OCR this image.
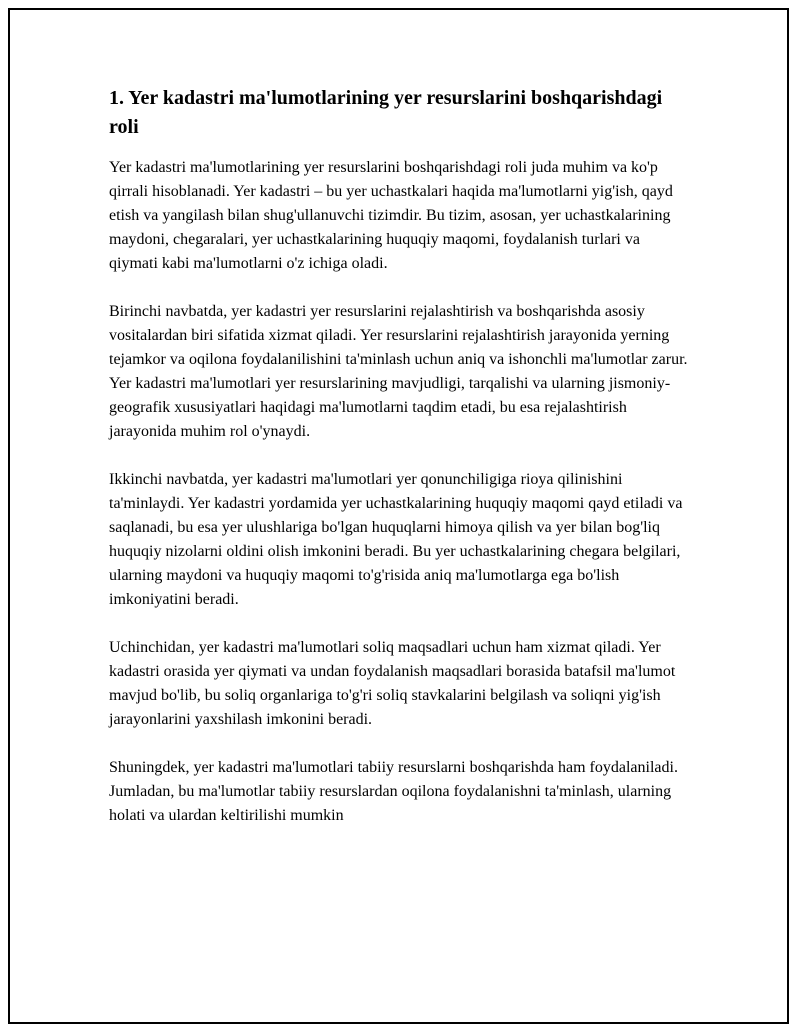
1. Yer kadastri ma'lumotlarining yer resurslarini boshqarishdagi roli

Yer kadastri ma'lumotlarining yer resurslarini boshqarishdagi roli juda muhim va ko'p qirrali hisoblanadi. Yer kadastri – bu yer uchastkalari haqida ma'lumotlarni yig'ish, qayd etish va yangilash bilan shug'ullanuvchi tizimdir. Bu tizim, asosan, yer uchastkalarining maydoni, chegaralari, yer uchastkalarining huquqiy maqomi, foydalanish turlari va qiymati kabi ma'lumotlarni o'z ichiga oladi.

Birinchi navbatda, yer kadastri yer resurslarini rejalashtirish va boshqarishda asosiy vositalardan biri sifatida xizmat qiladi. Yer resurslarini rejalashtirish jarayonida yerning tejamkor va oqilona foydalanilishini ta'minlash uchun aniq va ishonchli ma'lumotlar zarur. Yer kadastri ma'lumotlari yer resurslarining mavjudligi, tarqalishi va ularning jismoniy-geografik xususiyatlari haqidagi ma'lumotlarni taqdim etadi, bu esa rejalashtirish jarayonida muhim rol o'ynaydi.

Ikkinchi navbatda, yer kadastri ma'lumotlari yer qonunchiligiga rioya qilinishini ta'minlaydi. Yer kadastri yordamida yer uchastkalarining huquqiy maqomi qayd etiladi va saqlanadi, bu esa yer ulushlariga bo'lgan huquqlarni himoya qilish va yer bilan bog'liq huquqiy nizolarni oldini olish imkonini beradi. Bu yer uchastkalarining chegara belgilari, ularning maydoni va huquqiy maqomi to'g'risida aniq ma'lumotlarga ega bo'lish imkoniyatini beradi.

Uchinchidan, yer kadastri ma'lumotlari soliq maqsadlari uchun ham xizmat qiladi. Yer kadastri orasida yer qiymati va undan foydalanish maqsadlari borasida batafsil ma'lumot mavjud bo'lib, bu soliq organlariga to'g'ri soliq stavkalarini belgilash va soliqni yig'ish jarayonlarini yaxshilash imkonini beradi.

Shuningdek, yer kadastri ma'lumotlari tabiiy resurslarni boshqarishda ham foydalaniladi. Jumladan, bu ma'lumotlar tabiiy resurslardan oqilona foydalanishni ta'minlash, ularning holati va ulardan keltirilishi mumkin
